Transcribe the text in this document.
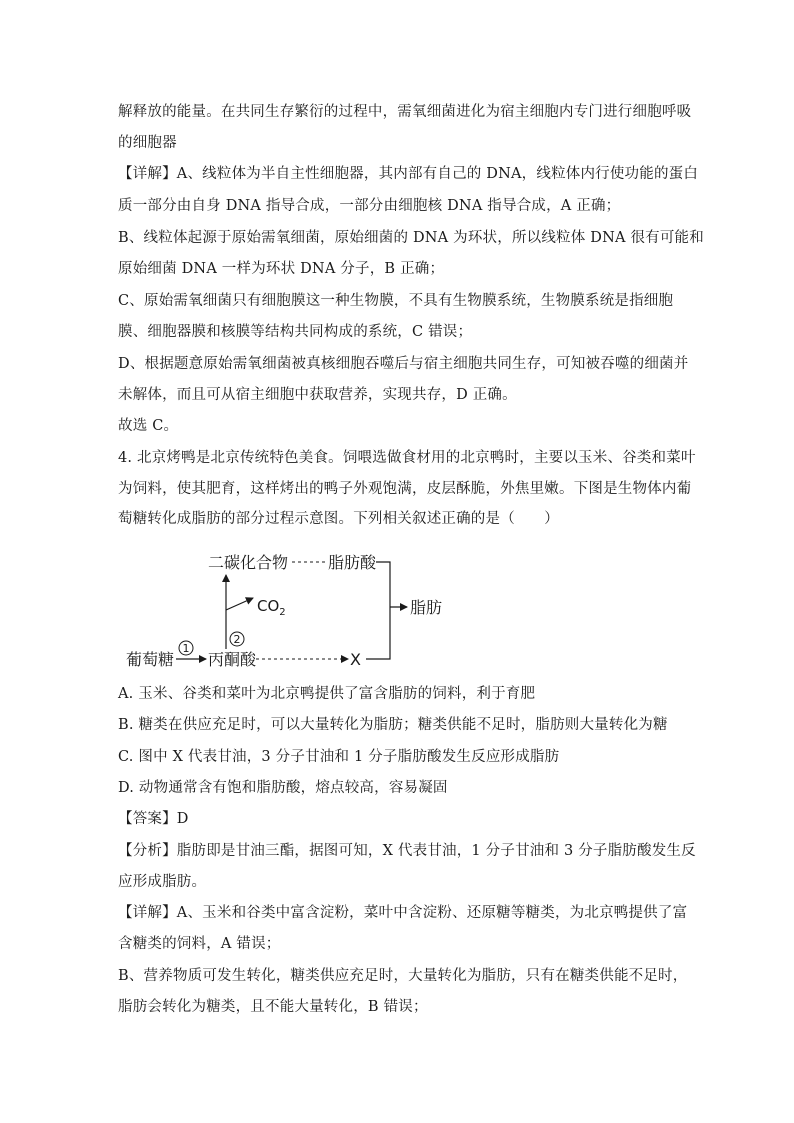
解释放的能量。在共同生存繁衍的过程中，需氧细菌进化为宿主细胞内专门进行细胞呼吸
的细胞器
【详解】A、线粒体为半自主性细胞器，其内部有自己的 DNA，线粒体内行使功能的蛋白
质一部分由自身 DNA 指导合成，一部分由细胞核 DNA 指导合成，A 正确；
B、线粒体起源于原始需氧细菌，原始细菌的 DNA 为环状，所以线粒体 DNA 很有可能和
原始细菌 DNA 一样为环状 DNA 分子，B 正确；
C、原始需氧细菌只有细胞膜这一种生物膜，不具有生物膜系统，生物膜系统是指细胞
膜、细胞器膜和核膜等结构共同构成的系统，C 错误；
D、根据题意原始需氧细菌被真核细胞吞噬后与宿主细胞共同生存，可知被吞噬的细菌并
未解体，而且可从宿主细胞中获取营养，实现共存，D 正确。
故选 C。
4. 北京烤鸭是北京传统特色美食。饲喂选做食材用的北京鸭时，主要以玉米、谷类和菜叶
为饲料，使其肥育，这样烤出的鸭子外观饱满，皮层酥脆，外焦里嫩。下图是生物体内葡
萄糖转化成脂肪的部分过程示意图。下列相关叙述正确的是（　　）
二碳化合物 脂肪酸
$CO_2$	脂肪
葡萄糖 丙酮酸	X
1
2
A. 玉米、谷类和菜叶为北京鸭提供了富含脂肪的饲料，利于育肥
B. 糖类在供应充足时，可以大量转化为脂肪；糖类供能不足时，脂肪则大量转化为糖
C. 图中 X 代表甘油，3 分子甘油和 1 分子脂肪酸发生反应形成脂肪
D. 动物通常含有饱和脂肪酸，熔点较高，容易凝固
【答案】D
【分析】脂肪即是甘油三酯，据图可知，X 代表甘油，1 分子甘油和 3 分子脂肪酸发生反
应形成脂肪。
【详解】A、玉米和谷类中富含淀粉，菜叶中含淀粉、还原糖等糖类，为北京鸭提供了富
含糖类的饲料，A 错误；
B、营养物质可发生转化，糖类供应充足时，大量转化为脂肪，只有在糖类供能不足时，
脂肪会转化为糖类，且不能大量转化，B 错误；
